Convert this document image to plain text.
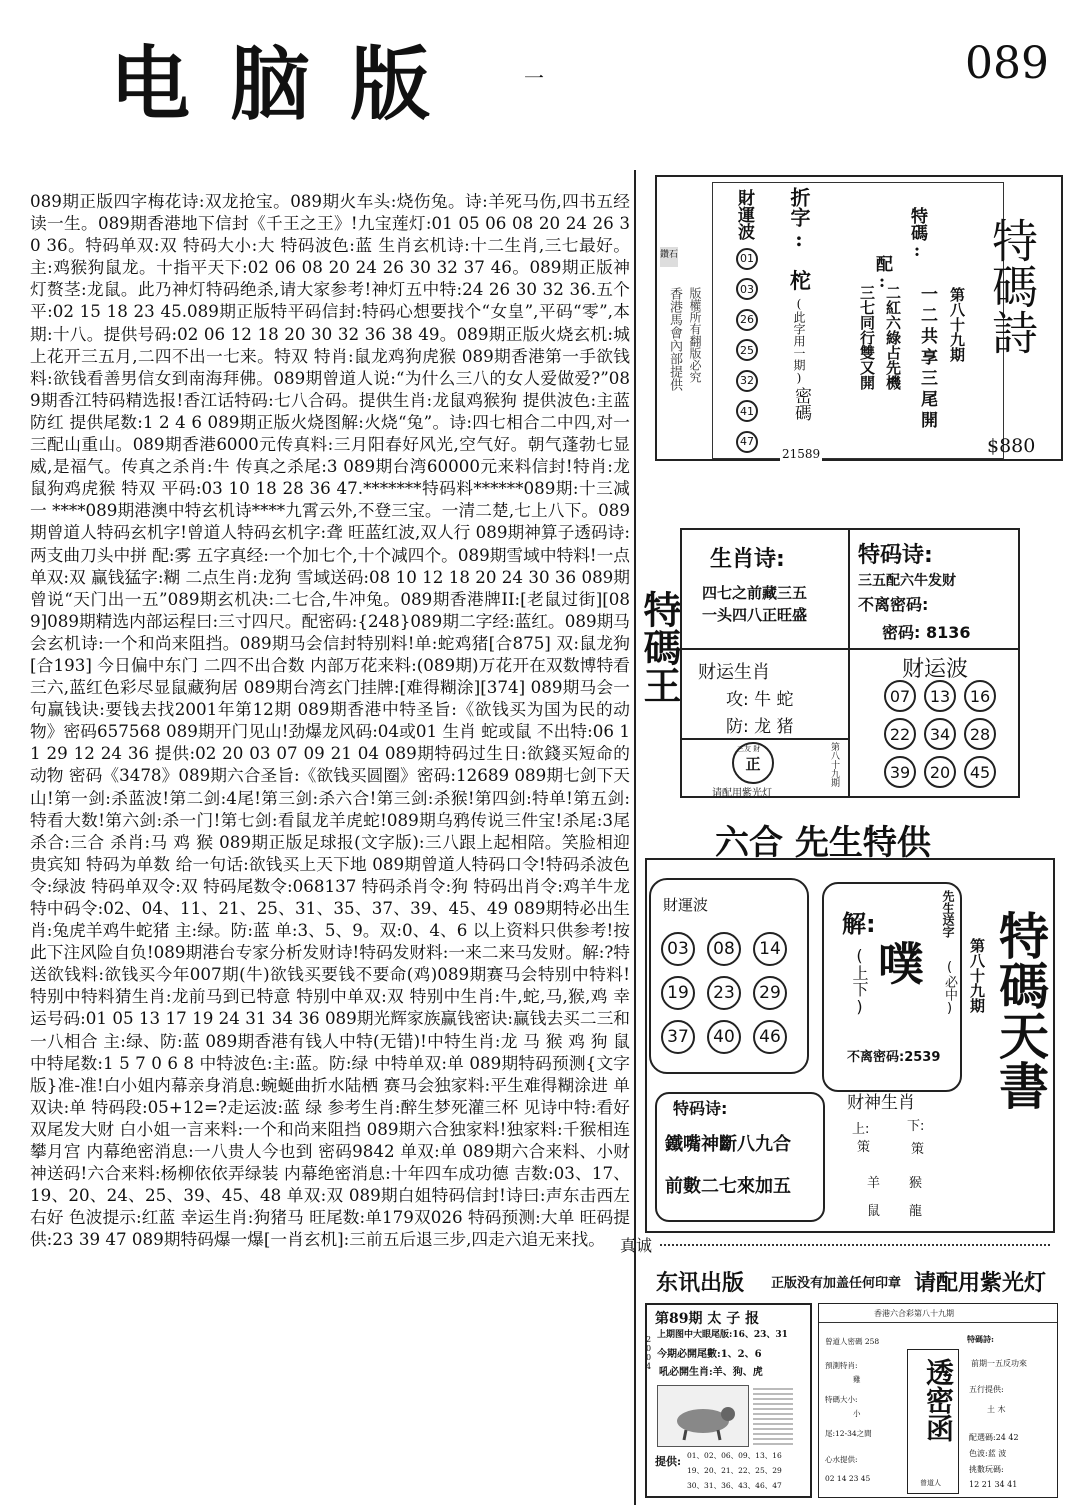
电脑版	一	089
089期正版四字梅花诗:双龙抢宝。089期火车头:烧伤兔。诗:羊死马伤,四书五经读一生。089期香港地下信封《千王之王》!九宝莲灯:01 05 06 08 20 24 26 30 36。特码单双:双 特码大小:大 特码波色:蓝 生肖玄机诗:十二生肖,三七最好。主:鸡猴狗鼠龙。十指平天下:02 06 08 20 24 26 30 32 37 46。089期正版神灯赘茎:龙鼠。此乃神灯特码绝杀,请大家参考!神灯五中特:24 26 30 32 36.五个平:02 15 18 23 45.089期正版特平码信封:特码心想要找个“女皇”,平码“零”,本期:十八。提供号码:02 06 12 18 20 30 32 36 38 49。089期正版火烧玄机:城上花开三五月,二四不出一七来。特双 特肖:鼠龙鸡狗虎猴 089期香港第一手欲钱料:欲钱看善男信女到南海拜佛。089期曾道人说:“为什么三八的女人爱做爱?”089期香江特码精选报!香江话特码:七八合码。提供生肖:龙鼠鸡猴狗 提供波色:主蓝防红 提供尾数:1 2 4 6 089期正版火烧图解:火烧“兔”。诗:四七相合二中四,对一三配山重山。089期香港6000元传真料:三月阳春好风光,空气好。朝气蓬勃七显威,是福气。传真之杀肖:牛 传真之杀尾:3 089期台湾60000元来料信封!特肖:龙鼠狗鸡虎猴 特双 平码:03 10 18 28 36 47.*******特码料******089期:十三减一 ****089期港澳中特玄机诗****九霄云外,不登三宝。一清二楚,七上八下。089期曾道人特码玄机字!曾道人特码玄机字:聋 旺蓝红波,双人行 089期神算子透码诗:两支曲刀头中拼 配:雾 五字真经:一个加七个,十个减四个。089期雪域中特料!一点单双:双 赢钱猛字:糊 二点生肖:龙狗 雪域送码:08 10 12 18 20 24 30 36 089期曾说“天门出一五”089期玄机决:二七合,牛冲兔。089期香港牌II:[老鼠过街][089]089期精选内部运程曰:三寸四尺。配密码:{248}089期二字经:蓝红。089期马会玄机诗:一个和尚来阻挡。089期马会信封特别料!单:蛇鸡猪[合875] 双:鼠龙狗[合193] 今日偏中东门 二四不出合数 内部万花来料:(089期)万花开在双数博特看三六,蓝红色彩尽显鼠藏狗居 089期台湾玄门挂牌:[难得糊涂][374] 089期马会一句赢钱诀:要钱去找2001年第12期 089期香港中特圣旨:《欲钱买为国为民的动物》密码657568 089期开门见山!劲爆龙风码:04或01 生肖 蛇或鼠 不出特:06 11 29 12 24 36 提供:02 20 03 07 09 21 04 089期特码过生日:欲錢买短命的动物 密码《3478》089期六合圣旨:《欲钱买圆圈》密码:12689 089期七剑下天山!第一剑:杀蓝波!第二剑:4尾!第三剑:杀六合!第三剑:杀猴!第四剑:特单!第五剑:特看大数!第六剑:杀一门!第七剑:看鼠龙羊虎蛇!089期乌鸦传说三件宝!杀尾:3尾 杀合:三合 杀肖:马 鸡 猴 089期正版足球报(文字版):三八跟上起相陪。笑脸相迎贵宾知 特码为单数 给一句话:欲钱买上天下地 089期曾道人特码口令!特码杀波色令:绿波 特码单双令:双 特码尾数令:068137 特码杀肖令:狗 特码出肖令:鸡羊牛龙 特中码令:02、04、11、21、25、31、35、37、39、45、49 089期特必出生肖:兔虎羊鸡牛蛇猪 主:绿。防:蓝 单:3、5、9。双:0、4、6 以上资料只供参考!按此下注风险自负!089期港台专家分析发财诗!特码发财料:一来二来马发财。解:?特送欲钱料:欲钱买今年007期(牛)欲钱买要钱不要命(鸡)089期赛马会特别中特料!特别中特料猜生肖:龙前马到已特意 特别中单双:双 特别中生肖:牛,蛇,马,猴,鸡 幸运号码:01 05 13 17 19 24 31 34 36 089期光辉家族赢钱密诀:赢钱去买二三和一八相合 主:绿、防:蓝 089期香港有钱人中特(无错)!中特生肖:龙 马 猴 鸡 狗 鼠 中特尾数:1 5 7 0 6 8 中特波色:主:蓝。防:绿 中特单双:单 089期特码预测{文字版}准-准!白小姐内幕亲身消息:蜿蜒曲折水陆栖 赛马会独家料:平生难得糊涂进 单双诀:单 特码段:05+12=?走运波:蓝 绿 参考生肖:醉生梦死灌三杯 见诗中特:看好双尾发大财 白小姐一言来料:一个和尚来阻挡 089期六合独家料!独家料:千猴相连攀月宫 内幕绝密消息:一八贵人今也到 密码9842 单双:单 089期六合来料、小财神送码!六合来料:杨柳依依弄绿装 内幕绝密消息:十年四车成功德 吉数:03、17、19、20、24、25、39、45、48 单双:双 089期白姐特码信封!诗曰:声东击西左右好 色波提示:红蓝 幸运生肖:狗猪马 旺尾数:单179双026 特码预测:大单 旺码提供:23 39 47 089期特码爆一爆[一肖玄机]:三前五后退三步,四走六追无来找。
香港馬會內部提供
鑽石
版權所有翻版必究
財運波
01 03 26 25 32 41 47
折字:
柁
(此字用一期)
密碼
21589
特碼:
配:
一二共享三尾開
二紅六綠占先機
三七同行雙又開	第八十九期 特碼詩
$880
特碼王
生肖诗:
四七之前藏三五
一头四八正旺盛
特码诗:
三五配六牛发财
不离密码:
密码: 8136
财运生肖
攻: 牛 蛇
防: 龙 猪
正
三友 財
请配用紫光灯
第八十九期
财运波
07	13	16
22	34	28
39	20	45
六合 先生特供
財運波
03	08	14
19	23	29
37	40	46
解:
(上下) 噗
先生送字
(必中)
不离密码:2539
财神生肖
上:
策
羊
鼠
下:
策
猴
龍
特码诗:
鐵嘴神斷八九合
前數二七來加五
特碼天書
第八十九期
真诚
东讯出版 正版没有加盖任何印章 请配用紫光灯
第89期 太 子 报
上期图中大眼尾版:16、23、31
今期必開尾數:1、2、6
吼必開生肖:羊、狗、虎
2004
提供: 01、02、06、09、13、16
19、20、21、22、25、29
30、31、36、43、46、47
香港六合彩第八十九期
曾道人密碼 258
預測特肖:
雞
特碼大小:
小
尾:12-34之間
心水提供:
02 14 23 45
透密函
曾道人
特碼詩:
前期一五反功來
五行提供:
土 木
配選碼:24 42
色波:蓝 波
挑數玩碼:
12 21 34 41
